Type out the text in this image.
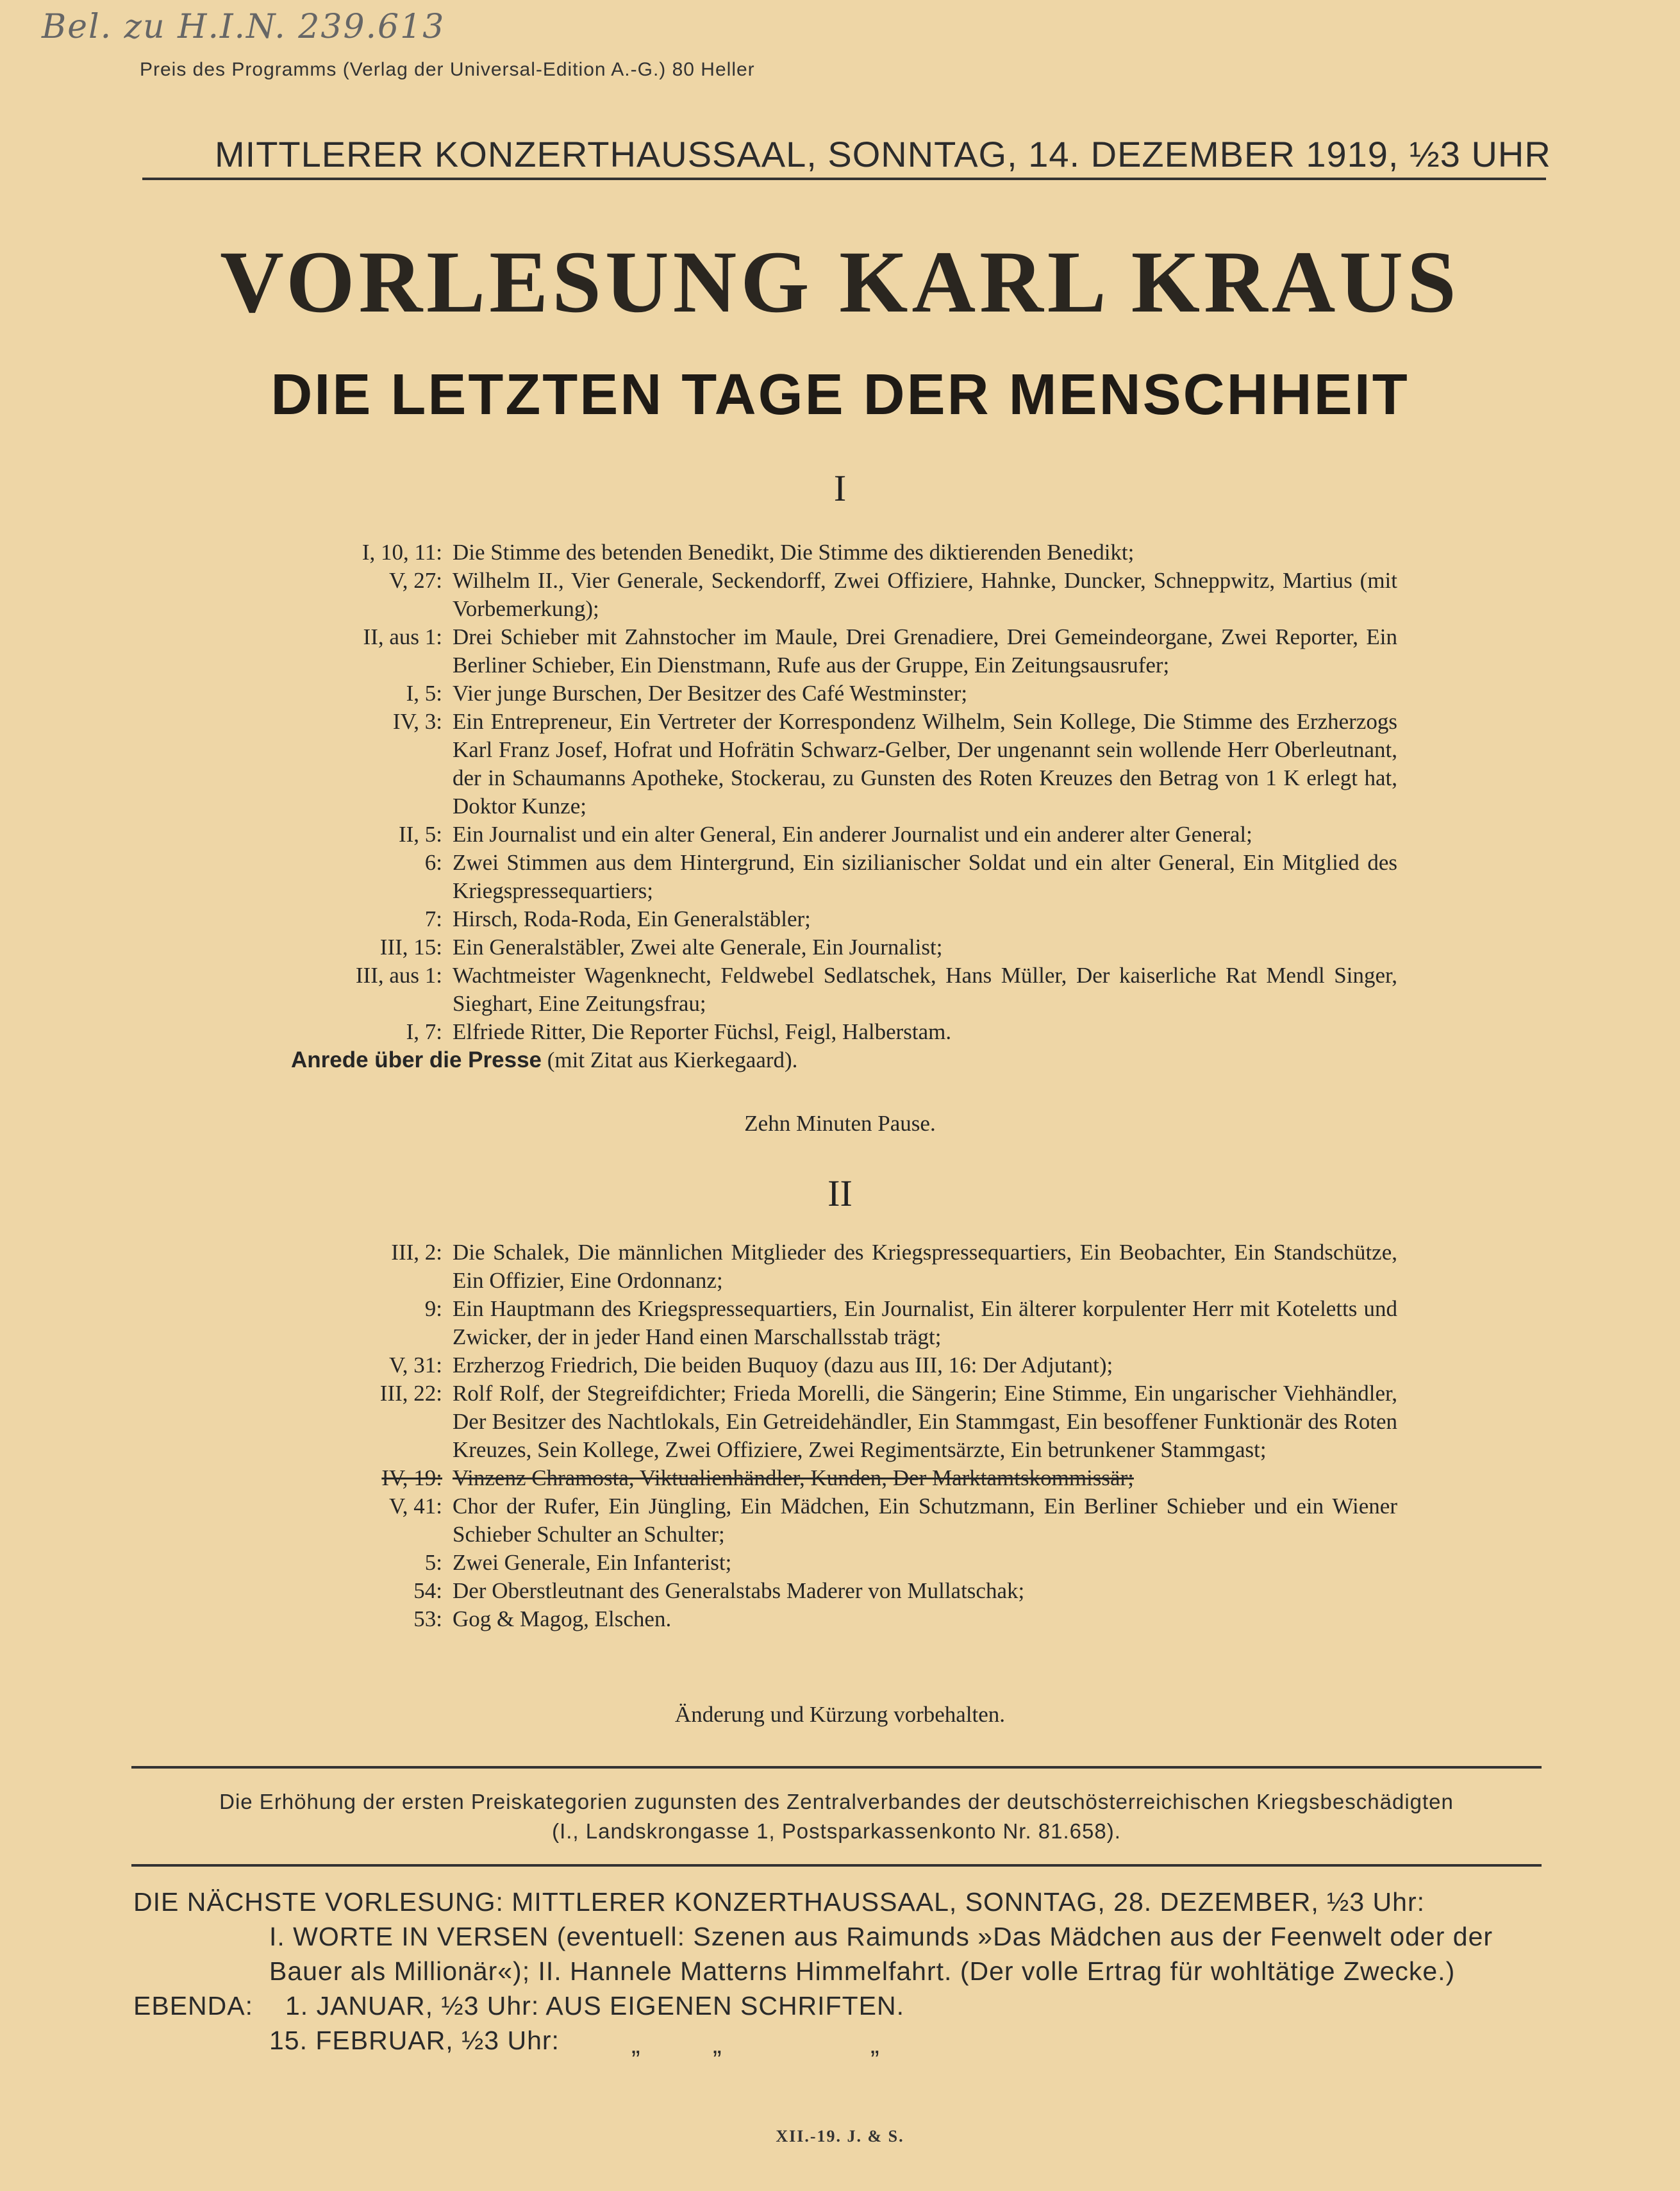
Bel. zu H.I.N. 239.613
Preis des Programms (Verlag der Universal-Edition A.-G.) 80 Heller
MITTLERER KONZERTHAUSSAAL, SONNTAG, 14. DEZEMBER 1919, ½3 UHR
VORLESUNG KARL KRAUS
DIE LETZTEN TAGE DER MENSCHHEIT
I
I, 10, 11: Die Stimme des betenden Benedikt, Die Stimme des diktierenden Benedikt;
V, 27: Wilhelm II., Vier Generale, Seckendorff, Zwei Offiziere, Hahnke, Duncker, Schneppwitz, Martius (mit Vorbemerkung);
II, aus 1: Drei Schieber mit Zahnstocher im Maule, Drei Grenadiere, Drei Gemeindeorgane, Zwei Reporter, Ein Berliner Schieber, Ein Dienstmann, Rufe aus der Gruppe, Ein Zeitungsausrufer;
I, 5: Vier junge Burschen, Der Besitzer des Café Westminster;
IV, 3: Ein Entrepreneur, Ein Vertreter der Korrespondenz Wilhelm, Sein Kollege, Die Stimme des Erzherzogs Karl Franz Josef, Hofrat und Hofrätin Schwarz-Gelber, Der ungenannt sein wollende Herr Oberleutnant, der in Schaumanns Apotheke, Stockerau, zu Gunsten des Roten Kreuzes den Betrag von 1 K erlegt hat, Doktor Kunze;
II, 5: Ein Journalist und ein alter General, Ein anderer Journalist und ein anderer alter General;
6: Zwei Stimmen aus dem Hintergrund, Ein sizilianischer Soldat und ein alter General, Ein Mitglied des Kriegspressequartiers;
7: Hirsch, Roda-Roda, Ein Generalstäbler;
III, 15: Ein Generalstäbler, Zwei alte Generale, Ein Journalist;
III, aus 1: Wachtmeister Wagenknecht, Feldwebel Sedlatschek, Hans Müller, Der kaiserliche Rat Mendl Singer, Sieghart, Eine Zeitungsfrau;
I, 7: Elfriede Ritter, Die Reporter Füchsl, Feigl, Halberstam.
Anrede über die Presse (mit Zitat aus Kierkegaard).
Zehn Minuten Pause.
II
III, 2: Die Schalek, Die männlichen Mitglieder des Kriegspressequartiers, Ein Beobachter, Ein Standschütze, Ein Offizier, Eine Ordonnanz;
9: Ein Hauptmann des Kriegspressequartiers, Ein Journalist, Ein älterer korpulenter Herr mit Koteletts und Zwicker, der in jeder Hand einen Marschallsstab trägt;
V, 31: Erzherzog Friedrich, Die beiden Buquoy (dazu aus III, 16: Der Adjutant);
III, 22: Rolf Rolf, der Stegreifdichter; Frieda Morelli, die Sängerin; Eine Stimme, Ein ungarischer Viehhändler, Der Besitzer des Nachtlokals, Ein Getreidehändler, Ein Stammgast, Ein besoffener Funktionär des Roten Kreuzes, Sein Kollege, Zwei Offiziere, Zwei Regimentsärzte, Ein betrunkener Stammgast;
IV, 19: Vinzenz Chramosta, Viktualienhändler, Kunden, Der Marktamtskommissär;
V, 41: Chor der Rufer, Ein Jüngling, Ein Mädchen, Ein Schutzmann, Ein Berliner Schieber und ein Wiener Schieber Schulter an Schulter;
5: Zwei Generale, Ein Infanterist;
54: Der Oberstleutnant des Generalstabs Maderer von Mullatschak;
53: Gog & Magog, Elschen.
Änderung und Kürzung vorbehalten.
Die Erhöhung der ersten Preiskategorien zugunsten des Zentralverbandes der deutschösterreichischen Kriegsbeschädigten
(I., Landskrongasse 1, Postsparkassenkonto Nr. 81.658).
DIE NÄCHSTE VORLESUNG: MITTLERER KONZERTHAUSSAAL, SONNTAG, 28. DEZEMBER, ½3 Uhr:
I. WORTE IN VERSEN (eventuell: Szenen aus Raimunds »Das Mädchen aus der Feenwelt oder der
Bauer als Millionär«); II. Hannele Matterns Himmelfahrt. (Der volle Ertrag für wohltätige Zwecke.)
EBENDA: 1. JANUAR, ½3 Uhr: AUS EIGENEN SCHRIFTEN.
15. FEBRUAR, ½3 Uhr:	„	„	„
XII.-19. J. & S.
